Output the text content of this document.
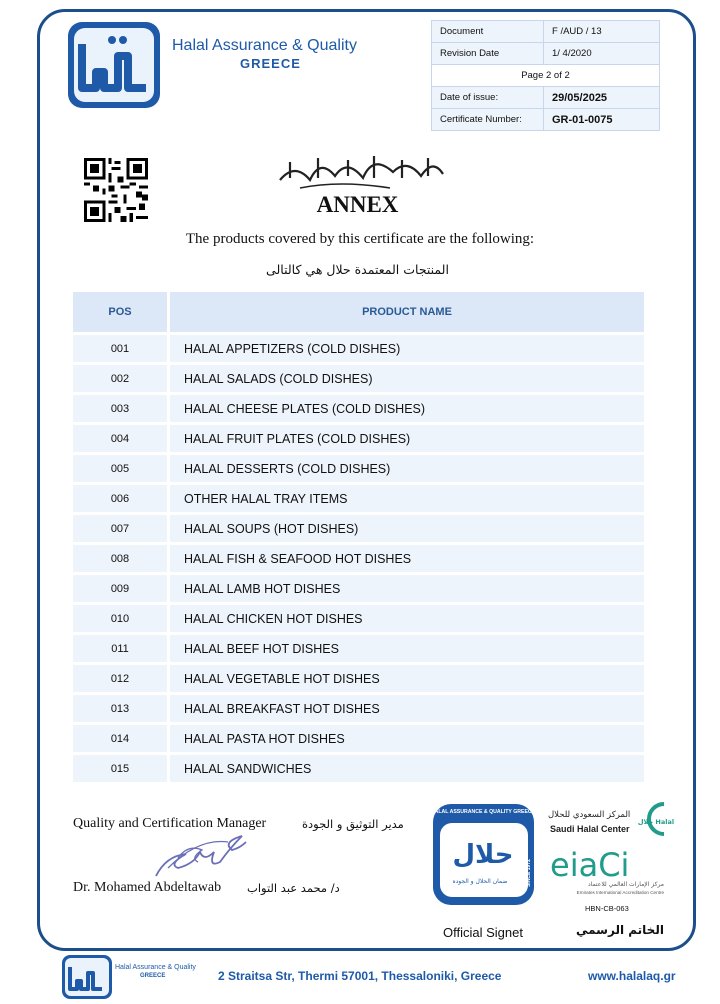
Halal Assurance & Quality
GREECE
Document	F /AUD / 13
Revision Date	1/ 4/2020
Page 2 of 2	
Date of issue:	29/05/2025
Certificate Number:	GR-01-0075
ANNEX
The products covered by this certificate are the following:
المنتجات المعتمدة حلال هي كالتالى
POS	PRODUCT NAME
001	HALAL APPETIZERS (COLD DISHES)
002	HALAL SALADS (COLD DISHES)
003	HALAL CHEESE PLATES (COLD DISHES)
004	HALAL FRUIT PLATES (COLD DISHES)
005	HALAL DESSERTS (COLD DISHES)
006	OTHER HALAL TRAY ITEMS
007	HALAL SOUPS (HOT DISHES)
008	HALAL FISH & SEAFOOD HOT DISHES
009	HALAL LAMB HOT DISHES
010	HALAL CHICKEN HOT DISHES
011	HALAL BEEF HOT DISHES
012	HALAL VEGETABLE HOT DISHES
013	HALAL BREAKFAST HOT DISHES
014	HALAL PASTA HOT DISHES
015	HALAL SANDWICHES
Quality and Certification Manager	مدير التوثيق و الجودة
Dr. Mohamed Abdeltawab د/ محمد عبد التواب
HALAL ASSURANCE & QUALITY GREECE
حلال
ضمان الحلال و الجوده	SINCE 1972
Official Signet	الخاتم الرسمي
المركز السعودي للحلال
Saudi Halal Center
حلال Halal
eiaCi
مركز الإمارات العالمي للاعتماد
Emirates International Accreditation Centre
HBN-CB-063
Halal Assurance & Quality
GREECE	2 Straitsa Str, Thermi 57001, Thessaloniki, Greece	www.halalaq.gr
